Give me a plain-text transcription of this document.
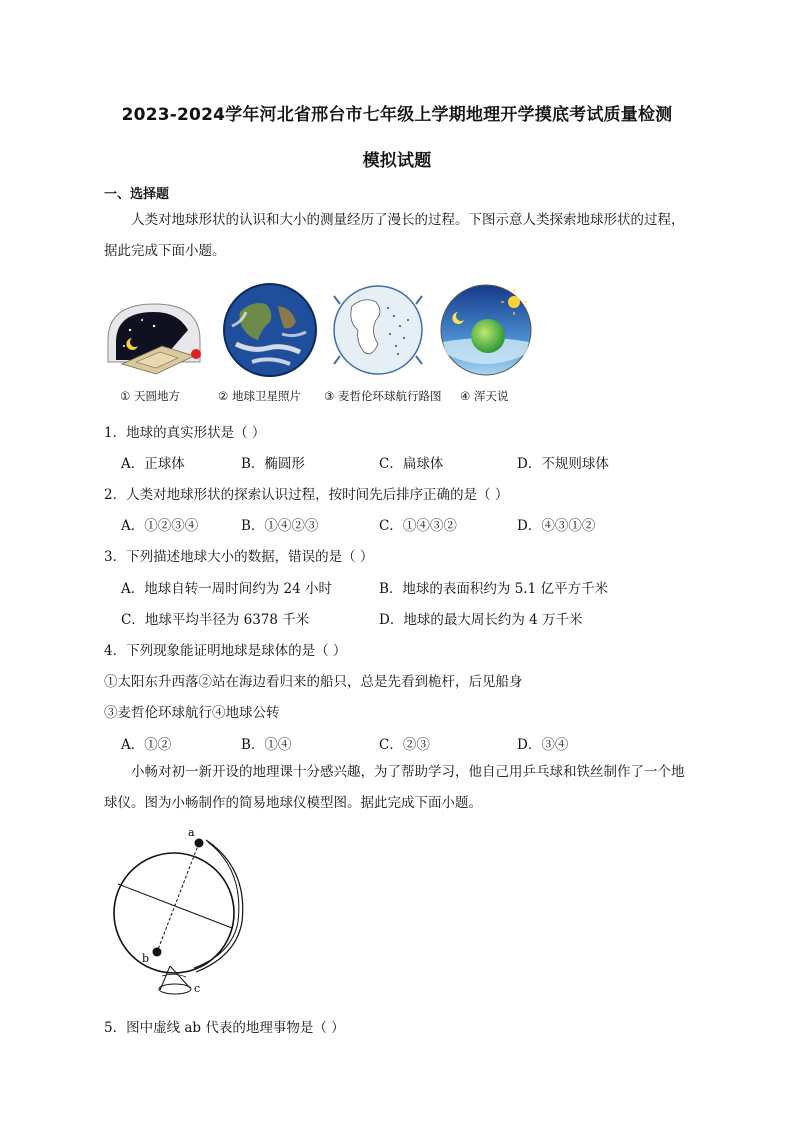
2023-2024学年河北省邢台市七年级上学期地理开学摸底考试质量检测
模拟试题
一、选择题
人类对地球形状的认识和大小的测量经历了漫长的过程。下图示意人类探索地球形状的过程，据此完成下面小题。
① 天圆地方	② 地球卫星照片 ③ 麦哲伦环球航行路图 ④ 浑天说
1．地球的真实形状是（ ）
A．正球体	B．椭圆形	C．扁球体	D．不规则球体
2．人类对地球形状的探索认识过程，按时间先后排序正确的是（ ）
A．①②③④	B．①④②③	C．①④③②	D．④③①②
3．下列描述地球大小的数据，错误的是（ ）
A．地球自转一周时间约为 24 小时	B．地球的表面积约为 5.1 亿平方千米
C．地球平均半径为 6378 千米	D．地球的最大周长约为 4 万千米
4．下列现象能证明地球是球体的是（ ）
①太阳东升西落②站在海边看归来的船只，总是先看到桅杆，后见船身
③麦哲伦环球航行④地球公转
A．①②	B．①④	C．②③	D．③④
小畅对初一新开设的地理课十分感兴趣，为了帮助学习，他自己用乒乓球和铁丝制作了一个地球仪。图为小畅制作的简易地球仪模型图。据此完成下面小题。
a
b
c
5．图中虚线 ab 代表的地理事物是（ ）
